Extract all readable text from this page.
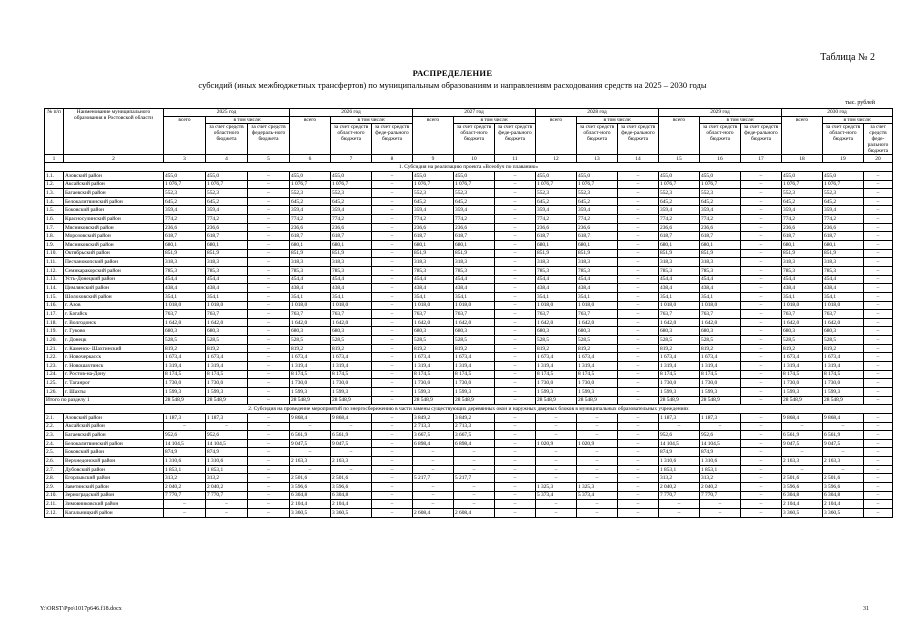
Таблица № 2
РАСПРЕДЕЛЕНИЕ
субсидий (иных межбюджетных трансфертов) по муниципальным образованиям и направлениям расходования средств на 2025 – 2030 годы
тыс. рублей
№ п/п	Наименование муниципального образования в Ростовской области	2025 год			2026 год			2027 год			2028 год			2029 год			2030 год		
		всего	в том числе:		всего	в том числе:		всего	в том числе:		всего	в том числе:		всего	в том числе:		всего	в том числе:	
			за счет средств областного бюджета	за счет средств федераль-ного бюджета		за счет средств област-ного бюджета	за счет средств феде-рального бюджета		за счет средств област-ного бюджета	за счет средств феде-рального бюджета		за счет средств област-ного бюджета	за счет средств феде-рального бюджета		за счет средств област-ного бюджета	за счет средств феде-рального бюджета		за счет средств област-ного бюджета	за счет средств феде-рального бюджета
1	2	3	4	5	6	7	8	9	10	11	12	13	14	15	16	17	18	19	20
1. Субсидия на реализацию проекта «Всеобуч по плаванию»																			
1.1.	Азовский район	455,0	455,0	–	455,0	455,0	–	455,0	455,0	–	455,0	455,0	–	455,0	455,0	–	455,0	455,0	–
1.2.	Аксайский район	1 076,7	1 076,7	–	1 076,7	1 076,7	–	1 076,7	1 076,7	–	1 076,7	1 076,7	–	1 076,7	1 076,7	–	1 076,7	1 076,7	–
1.3.	Багаевский район	552,3	552,3	–	552,3	552,3	–	552,3	552,3	–	552,3	552,3	–	552,3	552,3	–	552,3	552,3	–
1.4.	Белокалитвинский район	645,2	645,2	–	645,2	645,2	–	645,2	645,2	–	645,2	645,2	–	645,2	645,2	–	645,2	645,2	–
1.5.	Боковский район	359,4	359,4	–	359,4	359,4	–	359,4	359,4	–	359,4	359,4	–	359,4	359,4	–	359,4	359,4	–
1.6.	Красносулинский район	774,2	774,2	–	774,2	774,2	–	774,2	774,2	–	774,2	774,2	–	774,2	774,2	–	774,2	774,2	–
1.7.	Мясниковский район	236,6	236,6	–	236,6	236,6	–	236,6	236,6	–	236,6	236,6	–	236,6	236,6	–	236,6	236,6	–
1.8.	Морозовский район	618,7	618,7	–	618,7	618,7	–	618,7	618,7	–	618,7	618,7	–	618,7	618,7	–	618,7	618,7	–
1.9.	Мясниковский район	680,1	680,1	–	680,1	680,1	–	680,1	680,1	–	680,1	680,1	–	680,1	680,1	–	680,1	680,1	–
1.10.	Октябрьский район	851,9	851,9	–	851,9	851,9	–	851,9	851,9	–	851,9	851,9	–	851,9	851,9	–	851,9	851,9	–
1.11.	Песчанокопский район	318,3	318,3	–	318,3	318,3	–	318,3	318,3	–	318,3	318,3	–	318,3	318,3	–	318,3	318,3	–
1.12.	Семикаракорский район	785,3	785,3	–	785,3	785,3	–	785,3	785,3	–	785,3	785,3	–	785,3	785,3	–	785,3	785,3	–
1.13.	Усть-Донецкий район	454,4	454,4	–	454,4	454,4	–	454,4	454,4	–	454,4	454,4	–	454,4	454,4	–	454,4	454,4	–
1.14.	Цимлянский район	438,4	438,4	–	438,4	438,4	–	438,4	438,4	–	438,4	438,4	–	438,4	438,4	–	438,4	438,4	–
1.15.	Шолоховский район	354,1	354,1	–	354,1	354,1	–	354,1	354,1	–	354,1	354,1	–	354,1	354,1	–	354,1	354,1	–
1.16.	г. Азов	1 018,0	1 018,0	–	1 018,0	1 018,0	–	1 018,0	1 018,0	–	1 018,0	1 018,0	–	1 018,0	1 018,0	–	1 018,0	1 018,0	–
1.17.	г. Батайск	763,7	763,7	–	763,7	763,7	–	763,7	763,7	–	763,7	763,7	–	763,7	763,7	–	763,7	763,7	–
1.18.	г. Волгодонск	1 642,0	1 642,0	–	1 642,0	1 642,0	–	1 642,0	1 642,0	–	1 642,0	1 642,0	–	1 642,0	1 642,0	–	1 642,0	1 642,0	–
1.19.	г. Гуково	680,3	680,3	–	680,3	680,3	–	680,3	680,3	–	680,3	680,3	–	680,3	680,3	–	680,3	680,3	–
1.20.	г. Донецк	528,5	528,5	–	528,5	528,5	–	528,5	528,5	–	528,5	528,5	–	528,5	528,5	–	528,5	528,5	–
1.21.	г. Каменск- Шахтинский	819,2	819,2	–	819,2	819,2	–	819,2	819,2	–	819,2	819,2	–	819,2	819,2	–	819,2	819,2	–
1.22.	г. Новочеркасск	1 673,4	1 673,4	–	1 673,4	1 673,4	–	1 673,4	1 673,4	–	1 673,4	1 673,4	–	1 673,4	1 673,4	–	1 673,4	1 673,4	–
1.23.	г. Новошахтинск	1 319,4	1 319,4	–	1 319,4	1 319,4	–	1 319,4	1 319,4	–	1 319,4	1 319,4	–	1 319,4	1 319,4	–	1 319,4	1 319,4	–
1.24.	г. Ростов-на-Дону	8 174,5	8 174,5	–	8 174,5	8 174,5	–	8 174,5	8 174,5	–	8 174,5	8 174,5	–	8 174,5	8 174,5	–	8 174,5	8 174,5	–
1.25.	г. Таганрог	1 730,0	1 730,0	–	1 730,0	1 730,0	–	1 730,0	1 730,0	–	1 730,0	1 730,0	–	1 730,0	1 730,0	–	1 730,0	1 730,0	–
1.26.	г. Шахты	1 599,3	1 599,3	–	1 599,3	1 599,3	–	1 599,3	1 599,3	–	1 599,3	1 599,3	–	1 599,3	1 599,3	–	1 599,3	1 599,3	–
Итого по разделу 1		28 548,9	28 548,9	–	28 548,9	28 548,9	–	28 548,9	28 548,9	–	28 548,9	28 548,9	–	28 548,9	28 548,9	–	28 548,9	28 548,9	–
2. Субсидия на проведение мероприятий по энергосбережению в части замены существующих деревянных окон и наружных дверных блоков в муниципальных образовательных учреждениях																			
2.1.	Азовский район	1 187,3	1 187,3	–	9 868,4	9 868,4	–	3 849,2	3 849,2	–	–	–	–	1 187,3	1 187,3	–	9 868,4	9 868,4	–
2.2.	Аксайский район	–	–	–	–	–	–	2 713,3	2 713,3	–	–	–	–	–	–	–	–	–	–
2.3.	Багаевский район	952,6	952,6	–	6 561,9	6 561,9	–	3 667,5	3 667,5	–	–	–	–	952,6	952,6	–	6 561,9	6 561,9	–
2.4.	Белокалитвинский район	14 104,5	14 104,5	–	9 047,5	9 047,5	–	6 898,4	6 898,4	–	1 020,9	1 020,9	–	14 104,5	14 104,5	–	9 047,5	9 047,5	–
2.5.	Боковский район	874,9	874,9	–	–	–	–	–	–	–	–	–	–	874,9	874,9	–	–	–	–
2.6.	Верхнедонской район	1 310,6	1 310,6	–	2 163,3	2 163,3	–	–	–	–	–	–	–	1 310,6	1 310,6	–	2 163,3	2 163,3	–
2.7.	Дубовский район	1 853,1	1 853,1	–	–	–	–	–	–	–	–	–	–	1 853,1	1 853,1	–	–	–	–
2.8.	Егорлыкский район	313,2	313,2	–	2 501,6	2 501,6	–	5 217,7	5 217,7	–	–	–	–	313,2	313,2	–	2 501,6	2 501,6	–
2.9.	Заветинский район	2 040,2	2 040,2	–	3 596,6	3 596,6	–	–	–	–	1 325,3	1 325,3	–	2 040,2	2 040,2	–	3 596,6	3 596,6	–
2.10.	Зерноградский район	7 770,7	7 770,7	–	6 304,8	6 304,8	–	–	–	–	5 373,4	5 373,4	–	7 770,7	7 770,7	–	6 304,8	6 304,8	–
2.11.	Зимовниковский район	–	–	–	2 104,4	2 104,4	–	–	–	–	–	–	–	–	–	–	2 104,4	2 104,4	–
2.12.	Кагальницкий район	–	–	–	3 360,5	3 360,5	–	2 608,4	2 608,4	–	–	–	–	–	–	–	3 360,5	3 360,5	–
Y:\ORST\Ppo\1017p646.f18.docx	31
